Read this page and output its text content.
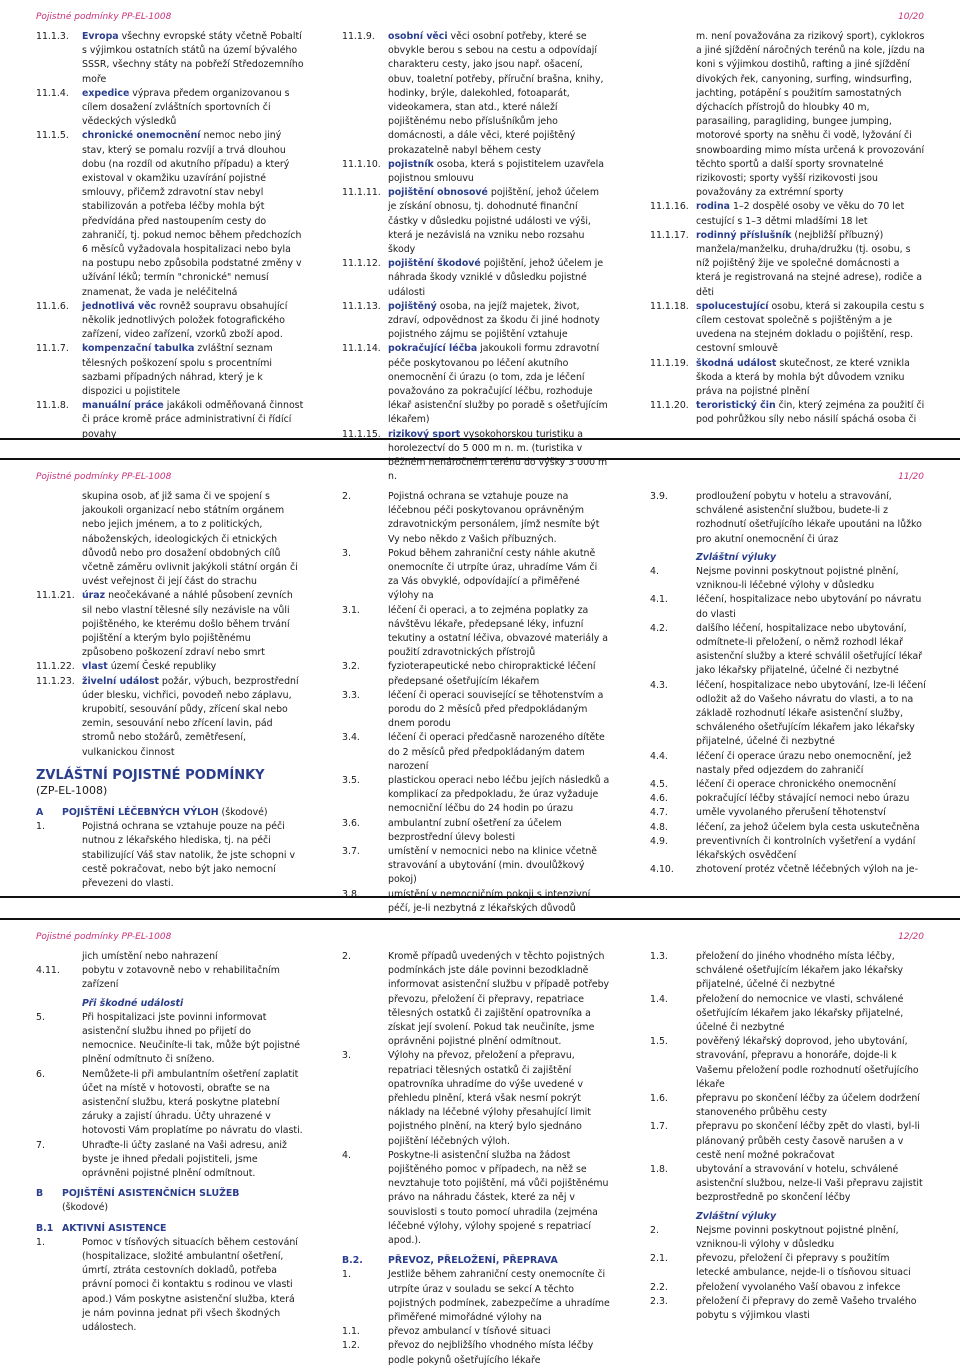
Pojistné podmínky PP-EL-1008	10/20
11.1.3.	Evropa všechny evropské státy včetně Pobaltí s výjimkou ostatních států na území bývalého SSSR, všechny státy na pobřeží Středozemního moře
11.1.4.	expedice výprava předem organizovanou s cílem dosažení zvláštních sportovních či vědeckých výsledků
11.1.5.	chronické onemocnění nemoc nebo jiný stav, který se pomalu rozvíjí a trvá dlouhou dobu (na rozdíl od akutního případu) a který existoval v okamžiku uzavírání pojistné smlouvy, přičemž zdravotní stav nebyl stabilizován a potřeba léčby mohla být předvídána před nastoupením cesty do zahraničí, tj. pokud nemoc během předchozích 6 měsíců vyžadovala hospitalizaci nebo byla na postupu nebo způsobila podstatné změny v užívání léků; termín "chronické" nemusí znamenat, že vada je neléčitelná
11.1.6.	jednotlivá věc rovněž soupravu obsahující několik jednotlivých položek fotografického zařízení, video zařízení, vzorků zboží apod.
11.1.7.	kompenzační tabulka zvláštní seznam tělesných poškození spolu s procentními sazbami případných náhrad, který je k dispozici u pojistitele
11.1.8.	manuální práce jakákoli odměňovaná činnost či práce kromě práce administrativní či řídící povahy
11.1.9.	osobní věci věci osobní potřeby, které se obvykle berou s sebou na cestu a odpovídají charakteru cesty, jako jsou např. ošacení, obuv, toaletní potřeby, příruční brašna, knihy, hodinky, brýle, dalekohled, fotoaparát, videokamera, stan atd., které náleží pojištěnému nebo příslušníkům jeho domácnosti, a dále věci, které pojištěný prokazatelně nabyl během cesty
11.1.10. pojistník osoba, která s pojistitelem uzavřela pojistnou smlouvu
11.1.11. pojištění obnosové pojištění, jehož účelem je získání obnosu, tj. dohodnuté finanční částky v důsledku pojistné události ve výši, která je nezávislá na vzniku nebo rozsahu škody
11.1.12. pojištění škodové pojištění, jehož účelem je náhrada škody vzniklé v důsledku pojistné události
11.1.13. pojištěný osoba, na jejíž majetek, život, zdraví, odpovědnost za škodu či jiné hodnoty pojistného zájmu se pojištění vztahuje
11.1.14. pokračující léčba jakoukoli formu zdravotní péče poskytovanou po léčení akutního onemocnění či úrazu (o tom, zda je léčení považováno za pokračující léčbu, rozhoduje lékař asistenční služby po poradě s ošetřujícím lékařem)
11.1.15. rizikový sport vysokohorskou turistiku a horolezectví do 5 000 m n. m. (turistika v běžném nenáročném terénu do výšky 3 000 m n.
m. není považována za rizikový sport), cyklokros a jiné sjíždění náročných terénů na kole, jízdu na koni s výjimkou dostihů, rafting a jiné sjíždění divokých řek, canyoning, surfing, windsurfing, jachting, potápění s použitím samostatných dýchacích přístrojů do hloubky 40 m, parasailing, paragliding, bungee jumping, motorové sporty na sněhu či vodě, lyžování či snowboarding mimo místa určená k provozování těchto sportů a další sporty srovnatelné rizikovosti; sporty vyšší rizikovosti jsou považovány za extrémní sporty
11.1.16. rodina 1–2 dospělé osoby ve věku do 70 let cestující s 1–3 dětmi mladšími 18 let
11.1.17. rodinný příslušník (nejbližší příbuzný) manžela/manželku, druha/družku (tj. osobu, s níž pojištěný žije ve společné domácnosti a která je registrovaná na stejné adrese), rodiče a děti
11.1.18. spolucestující osobu, která si zakoupila cestu s cílem cestovat společně s pojištěným a je uvedena na stejném dokladu o pojištění, resp. cestovní smlouvě
11.1.19. škodná událost skutečnost, ze které vznikla škoda a která by mohla být důvodem vzniku práva na pojistné plnění
11.1.20. teroristický čin čin, který zejména za použití či pod pohrůžkou síly nebo násilí spáchá osoba či
Pojistné podmínky PP-EL-1008	11/20
skupina osob, ať již sama či ve spojení s jakoukoli organizací nebo státním orgánem nebo jejich jménem, a to z politických, náboženských, ideologických či etnických důvodů nebo pro dosažení obdobných cílů včetně záměru ovlivnit jakýkoli státní orgán či uvést veřejnost či její část do strachu
11.1.21. úraz neočekávané a náhlé působení zevních sil nebo vlastní tělesné síly nezávisle na vůli pojištěného, ke kterému došlo během trvání pojištění a kterým bylo pojištěnému způsobeno poškození zdraví nebo smrt
11.1.22. vlast území České republiky
11.1.23. živelní událost požár, výbuch, bezprostřední úder blesku, vichřici, povodeň nebo záplavu, krupobití, sesouvání půdy, zřícení skal nebo zemin, sesouvání nebo zřícení lavin, pád stromů nebo stožárů, zemětřesení, vulkanickou činnost
ZVLÁŠTNÍ POJISTNÉ PODMÍNKY
(ZP-EL-1008)
A	POJIŠTĚNÍ LÉČEBNÝCH VÝLOH (škodové)
1.	Pojistná ochrana se vztahuje pouze na péči nutnou z lékařského hlediska, tj. na péči stabilizující Váš stav natolik, že jste schopni v cestě pokračovat, nebo být jako nemocní převezeni do vlasti.
2.	Pojistná ochrana se vztahuje pouze na léčebnou péči poskytovanou oprávněným zdravotnickým personálem, jímž nesmíte být Vy nebo někdo z Vašich příbuzných.
3.	Pokud během zahraniční cesty náhle akutně onemocníte či utrpíte úraz, uhradíme Vám či za Vás obvyklé, odpovídající a přiměřené výlohy na
3.1.	léčení či operaci, a to zejména poplatky za návštěvu lékaře, předepsané léky, infuzní tekutiny a ostatní léčiva, obvazové materiály a použití zdravotnických přístrojů
3.2.	fyzioterapeutické nebo chiropraktické léčení předepsané ošetřujícím lékařem
3.3.	léčení či operaci související se těhotenstvím a porodu do 2 měsíců před předpokládaným dnem porodu
3.4.	léčení či operaci předčasně narozeného dítěte do 2 měsíců před předpokládaným datem narození
3.5.	plastickou operaci nebo léčbu jejích následků a komplikací za předpokladu, že úraz vyžaduje nemocniční léčbu do 24 hodin po úrazu
3.6.	ambulantní zubní ošetření za účelem bezprostřední úlevy bolesti
3.7.	umístění v nemocnici nebo na klinice včetně stravování a ubytování (min. dvoulůžkový pokoj)
3.8.	umístění v nemocničním pokoji s intenzivní péčí, je-li nezbytná z lékařských důvodů
3.9.	prodloužení pobytu v hotelu a stravování, schválené asistenční službou, budete-li z rozhodnutí ošetřujícího lékaře upoutáni na lůžko pro akutní onemocnění či úraz
Zvláštní výluky
4.	Nejsme povinni poskytnout pojistné plnění, vzniknou-li léčebné výlohy v důsledku
4.1.	léčení, hospitalizace nebo ubytování po návratu do vlasti
4.2.	dalšího léčení, hospitalizace nebo ubytování, odmítnete-li přeložení, o němž rozhodl lékař asistenční služby a které schválil ošetřující lékař jako lékařsky přijatelné, účelné či nezbytné
4.3.	léčení, hospitalizace nebo ubytování, lze-li léčení odložit až do Vašeho návratu do vlasti, a to na základě rozhodnutí lékaře asistenční služby, schváleného ošetřujícím lékařem jako lékařsky přijatelné, účelné či nezbytné
4.4.	léčení či operace úrazu nebo onemocnění, jež nastaly před odjezdem do zahraničí
4.5.	léčení či operace chronického onemocnění
4.6.	pokračující léčby stávající nemoci nebo úrazu
4.7.	uměle vyvolaného přerušení těhotenství
4.8.	léčení, za jehož účelem byla cesta uskutečněna
4.9.	preventivních či kontrolních vyšetření a vydání lékařských osvědčení
4.10.	zhotovení protéz včetně léčebných výloh na je-
Pojistné podmínky PP-EL-1008	12/20
jich umístění nebo nahrazení
4.11.	pobytu v zotavovně nebo v rehabilitačním zařízení
Při škodné události
5.	Při hospitalizaci jste povinni informovat asistenční službu ihned po přijetí do nemocnice. Neučiníte-li tak, může být pojistné plnění odmítnuto či sníženo.
6.	Nemůžete-li při ambulantním ošetření zaplatit účet na místě v hotovosti, obraťte se na asistenční službu, která poskytne platební záruky a zajistí úhradu. Účty uhrazené v hotovosti Vám proplatíme po návratu do vlasti.
7.	Uhraďte-li účty zaslané na Vaši adresu, aniž byste je ihned předali pojistiteli, jsme oprávněni pojistné plnění odmítnout.
B	POJIŠTĚNÍ ASISTENČNÍCH SLUŽEB
(škodové)
B.1 AKTIVNÍ ASISTENCE
1.	Pomoc v tísňových situacích během cestování (hospitalizace, složité ambulantní ošetření, úmrtí, ztráta cestovních dokladů, potřeba právní pomoci či kontaktu s rodinou ve vlasti apod.) Vám poskytne asistenční služba, která je nám povinna jednat při všech škodných událostech.
2.	Kromě případů uvedených v těchto pojistných podmínkách jste dále povinni bezodkladně informovat asistenční službu v případě potřeby převozu, přeložení či přepravy, repatriace tělesných ostatků či zajištění opatrovníka a získat její svolení. Pokud tak neučiníte, jsme oprávněni pojistné plnění odmítnout.
3.	Výlohy na převoz, přeložení a přepravu, repatriaci tělesných ostatků či zajištění opatrovníka uhradíme do výše uvedené v přehledu plnění, která však nesmí pokrýt náklady na léčebné výlohy přesahující limit pojistného plnění, na který bylo sjednáno pojištění léčebných výloh.
4.	Poskytne-li asistenční služba na žádost pojištěného pomoc v případech, na něž se nevztahuje toto pojištění, má vůči pojištěnému právo na náhradu částek, které za něj v souvislosti s touto pomocí uhradila (zejména léčebné výlohy, výlohy spojené s repatriací apod.).
B.2.	PŘEVOZ, PŘELOŽENÍ, PŘEPRAVA
1.	Jestliže během zahraniční cesty onemocníte či utrpíte úraz v souladu se sekcí A těchto pojistných podmínek, zabezpečíme a uhradíme přiměřené mimořádné výlohy na
1.1.	převoz ambulancí v tísňové situaci
1.2.	převoz do nejbližšího vhodného místa léčby podle pokynů ošetřujícího lékaře
1.3.	přeložení do jiného vhodného místa léčby, schválené ošetřujícím lékařem jako lékařsky přijatelné, účelné či nezbytné
1.4.	přeložení do nemocnice ve vlasti, schválené ošetřujícím lékařem jako lékařsky přijatelné, účelné či nezbytné
1.5.	pověřený lékařský doprovod, jeho ubytování, stravování, přepravu a honoráře, dojde-li k Vašemu přeložení podle rozhodnutí ošetřujícího lékaře
1.6.	přepravu po skončení léčby za účelem dodržení stanoveného průběhu cesty
1.7.	přepravu po skončení léčby zpět do vlasti, byl-li plánovaný průběh cesty časově narušen a v cestě není možné pokračovat
1.8.	ubytování a stravování v hotelu, schválené asistenční službou, nelze-li Vaši přepravu zajistit bezprostředně po skončení léčby
Zvláštní výluky
2.	Nejsme povinni poskytnout pojistné plnění, vzniknou-li výlohy v důsledku
2.1.	převozu, přeložení či přepravy s použitím letecké ambulance, nejde-li o tísňovou situaci
2.2.	přeložení vyvolaného Vaší obavou z infekce
2.3.	přeložení či přepravy do země Vašeho trvalého pobytu s výjimkou vlasti
